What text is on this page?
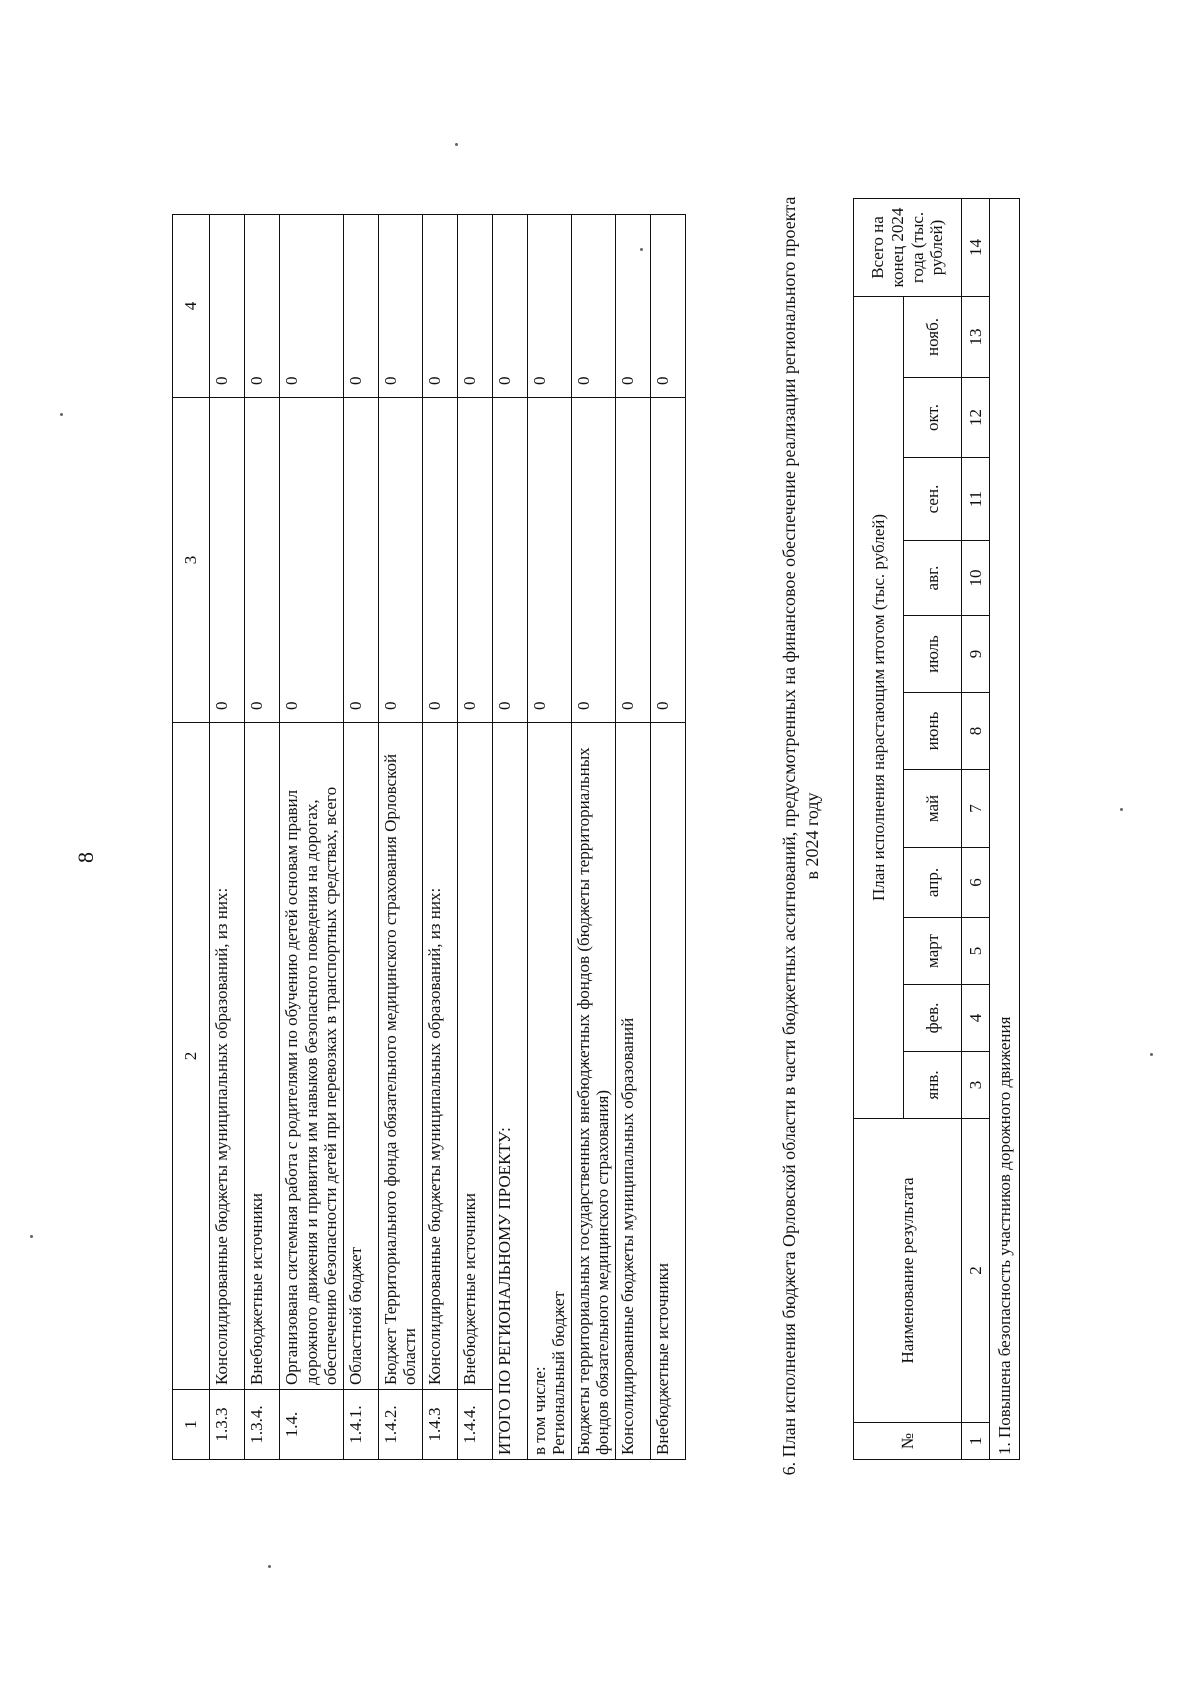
8
1	2	3	4
1.3.3	Консолидированные бюджеты муниципальных образований, из них:	0	0
1.3.4.	Внебюджетные источники	0	0
1.4.	Организована системная работа с родителями по обучению детей основам правил дорожного движения и привития им навыков безопасного поведения на дорогах, обеспечению безопасности детей при перевозках в транспортных средствах, всего	0	0
1.4.1.	Областной бюджет	0	0
1.4.2.	Бюджет Территориального фонда обязательного медицинского страхования Орловской области	0	0
1.4.3	Консолидированные бюджеты муниципальных образований, из них:	0	0
1.4.4.	Внебюджетные источники	0	0
ИТОГО ПО РЕГИОНАЛЬНОМУ ПРОЕКТУ:		0	0
в том числе:
Региональный бюджет		0	0
Бюджеты территориальных государственных внебюджетных фондов (бюджеты территориальных фондов обязательного медицинского страхования)		0	0
Консолидированные бюджеты муниципальных образований		0	0
Внебюджетные источники		0	0	6. План исполнения бюджета Орловской области в части бюджетных ассигнований, предусмотренных на финансовое обеспечение реализации регионального проекта в 2024 году
№	Наименование результата	План исполнения нарастающим итогом (тыс. рублей)											Всего на конец 2024 года (тыс. рублей)
		янв.	фев.	март	апр.	май	июнь	июль	авг.	сен.	окт.	нояб.	
1	2	3	4	5	6	7	8	9	10	11	12	13	14
1. Повышена безопасность участников дорожного движения													
